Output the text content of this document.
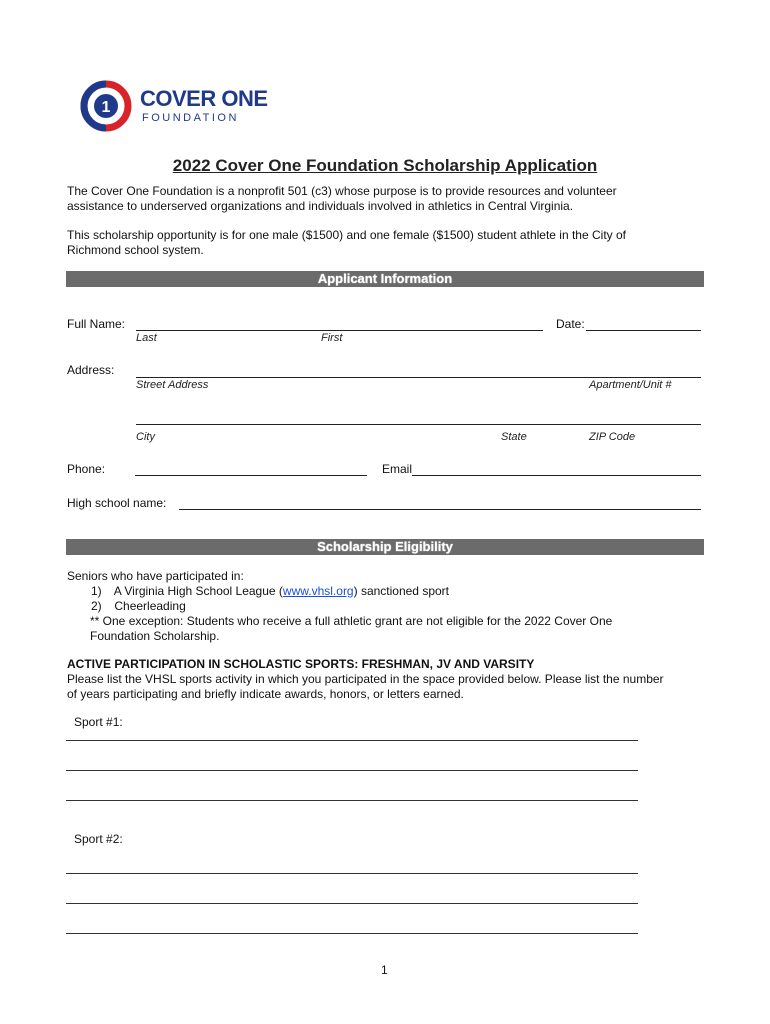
1 COVER ONE
FOUNDATION
2022 Cover One Foundation Scholarship Application
The Cover One Foundation is a nonprofit 501 (c3) whose purpose is to provide resources and volunteer assistance to underserved organizations and individuals involved in athletics in Central Virginia.
This scholarship opportunity is for one male ($1500) and one female ($1500) student athlete in the City of Richmond school system.
Applicant Information
Full Name:
Last	First
Date:
Address:
Street Address	Apartment/Unit #
City	State	ZIP Code
Phone:	Email
High school name:
Scholarship Eligibility
Seniors who have participated in:
1) A Virginia High School League (www.vhsl.org) sanctioned sport
2) Cheerleading
** One exception: Students who receive a full athletic grant are not eligible for the 2022 Cover One Foundation Scholarship.
ACTIVE PARTICIPATION IN SCHOLASTIC SPORTS: FRESHMAN, JV AND VARSITY
Please list the VHSL sports activity in which you participated in the space provided below. Please list the number of years participating and briefly indicate awards, honors, or letters earned.
Sport #1:
Sport #2:
1
